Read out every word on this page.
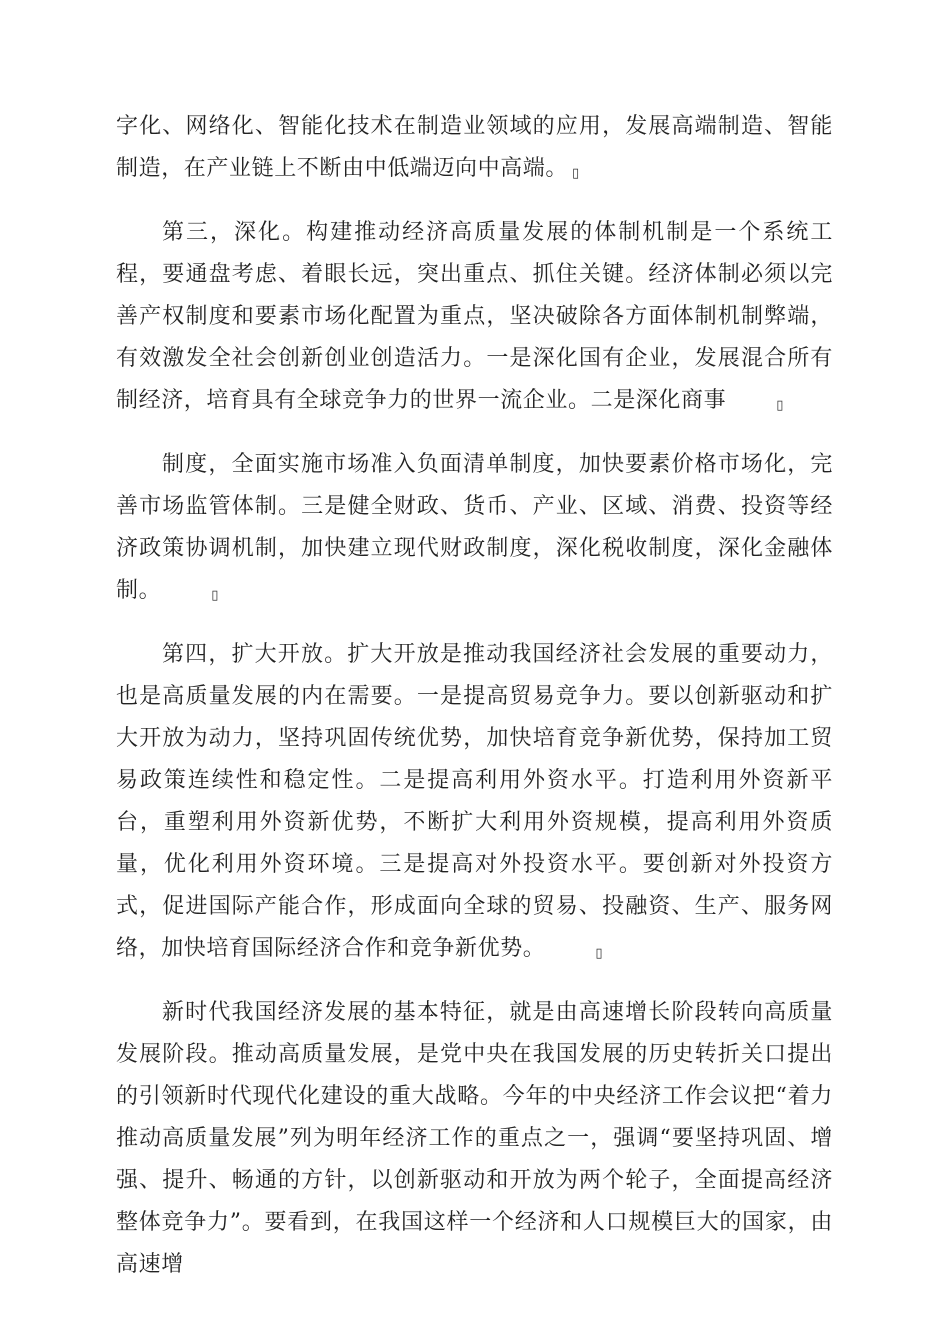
字化、网络化、智能化技术在制造业领域的应用，发展高端制造、智能制造，在产业链上不断由中低端迈向中高端。 ▯

第三，深化。构建推动经济高质量发展的体制机制是一个系统工程，要通盘考虑、着眼长远，突出重点、抓住关键。经济体制必须以完善产权制度和要素市场化配置为重点，坚决破除各方面体制机制弊端，有效激发全社会创新创业创造活力。一是深化国有企业，发展混合所有制经济，培育具有全球竞争力的世界一流企业。二是深化商事	▯

制度，全面实施市场准入负面清单制度，加快要素价格市场化，完善市场监管体制。三是健全财政、货币、产业、区域、消费、投资等经济政策协调机制，加快建立现代财政制度，深化税收制度，深化金融体制。	▯

第四，扩大开放。扩大开放是推动我国经济社会发展的重要动力，也是高质量发展的内在需要。一是提高贸易竞争力。要以创新驱动和扩大开放为动力，坚持巩固传统优势，加快培育竞争新优势，保持加工贸易政策连续性和稳定性。二是提高利用外资水平。打造利用外资新平台，重塑利用外资新优势，不断扩大利用外资规模，提高利用外资质量，优化利用外资环境。三是提高对外投资水平。要创新对外投资方式，促进国际产能合作，形成面向全球的贸易、投融资、生产、服务网络，加快培育国际经济合作和竞争新优势。	▯

新时代我国经济发展的基本特征，就是由高速增长阶段转向高质量发展阶段。推动高质量发展，是党中央在我国发展的历史转折关口提出的引领新时代现代化建设的重大战略。今年的中央经济工作会议把“着力推动高质量发展”列为明年经济工作的重点之一，强调“要坚持巩固、增强、提升、畅通的方针，以创新驱动和开放为两个轮子，全面提高经济整体竞争力”。要看到，在我国这样一个经济和人口规模巨大的国家，由高速增
